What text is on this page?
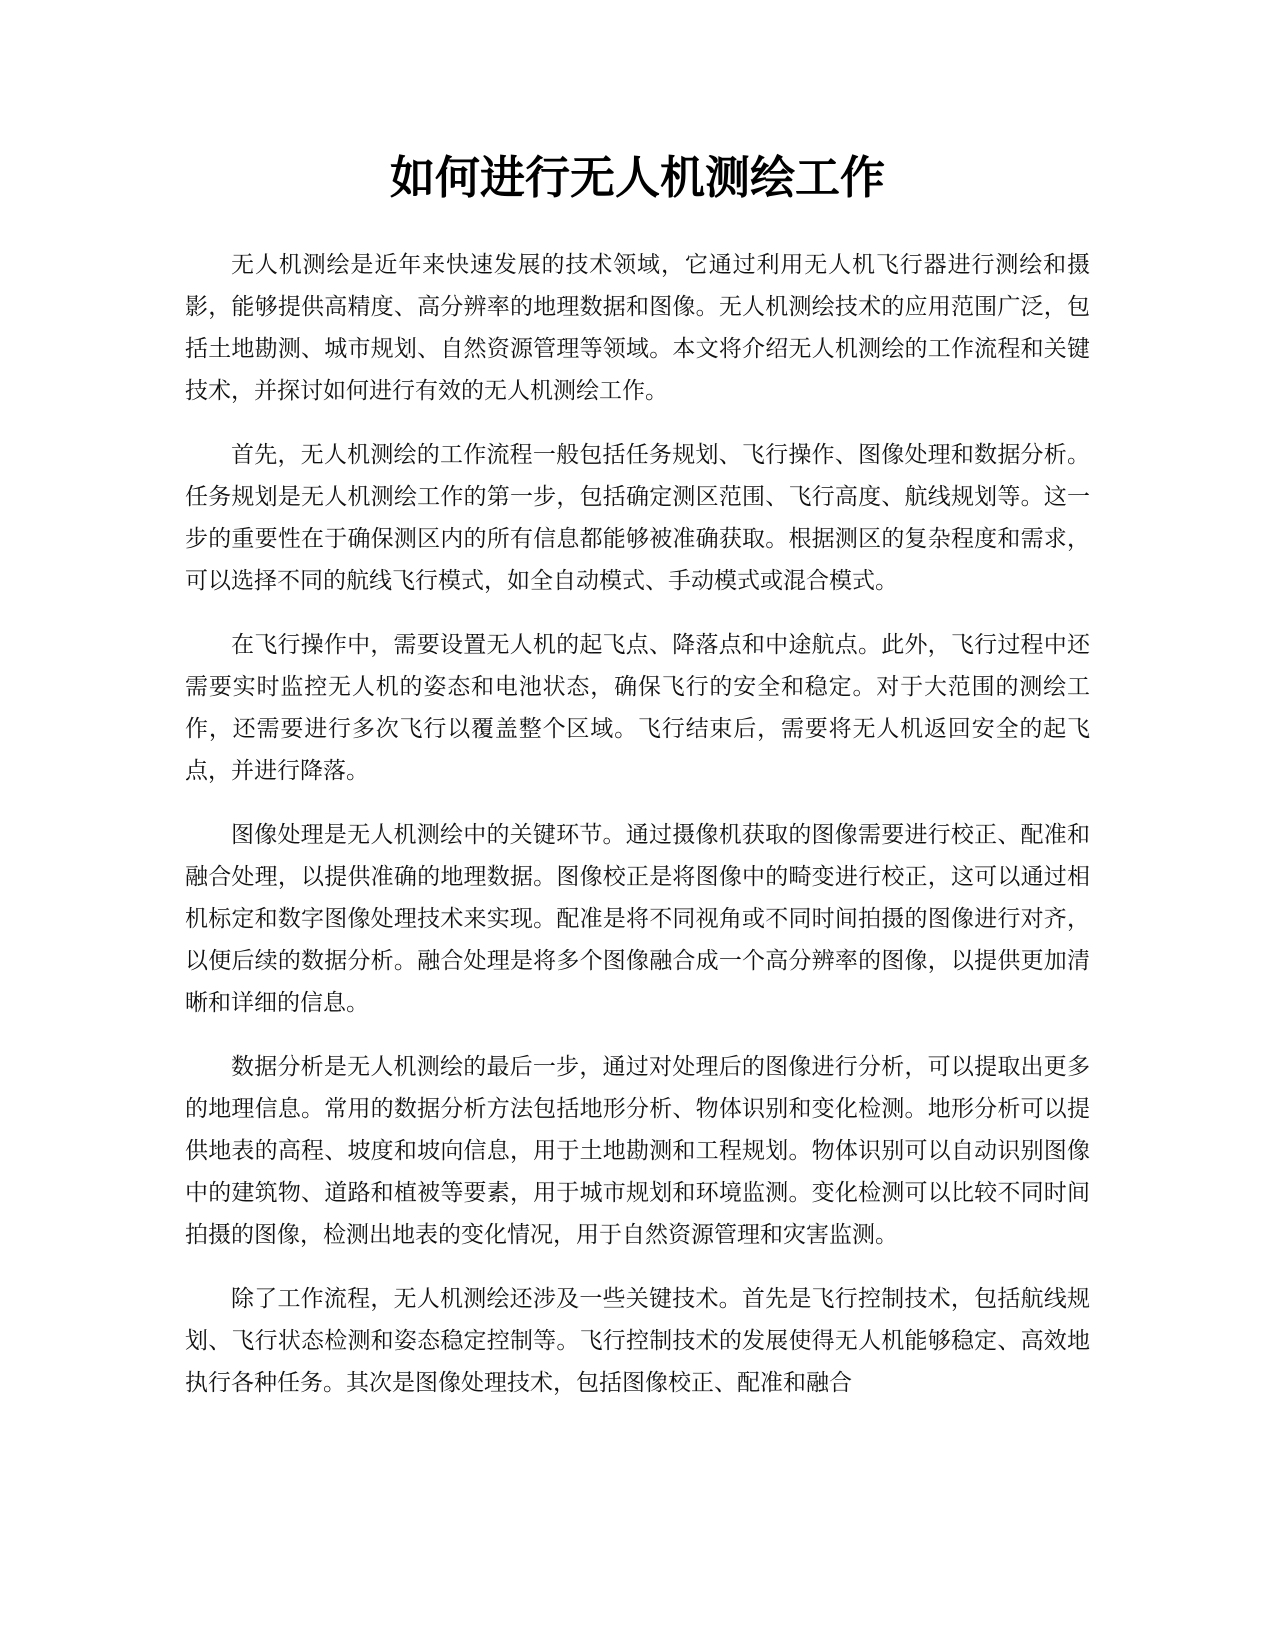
如何进行无人机测绘工作

无人机测绘是近年来快速发展的技术领域，它通过利用无人机飞行器进行测绘和摄影，能够提供高精度、高分辨率的地理数据和图像。无人机测绘技术的应用范围广泛，包括土地勘测、城市规划、自然资源管理等领域。本文将介绍无人机测绘的工作流程和关键技术，并探讨如何进行有效的无人机测绘工作。

首先，无人机测绘的工作流程一般包括任务规划、飞行操作、图像处理和数据分析。任务规划是无人机测绘工作的第一步，包括确定测区范围、飞行高度、航线规划等。这一步的重要性在于确保测区内的所有信息都能够被准确获取。根据测区的复杂程度和需求，可以选择不同的航线飞行模式，如全自动模式、手动模式或混合模式。

在飞行操作中，需要设置无人机的起飞点、降落点和中途航点。此外，飞行过程中还需要实时监控无人机的姿态和电池状态，确保飞行的安全和稳定。对于大范围的测绘工作，还需要进行多次飞行以覆盖整个区域。飞行结束后，需要将无人机返回安全的起飞点，并进行降落。

图像处理是无人机测绘中的关键环节。通过摄像机获取的图像需要进行校正、配准和融合处理，以提供准确的地理数据。图像校正是将图像中的畸变进行校正，这可以通过相机标定和数字图像处理技术来实现。配准是将不同视角或不同时间拍摄的图像进行对齐，以便后续的数据分析。融合处理是将多个图像融合成一个高分辨率的图像，以提供更加清晰和详细的信息。

数据分析是无人机测绘的最后一步，通过对处理后的图像进行分析，可以提取出更多的地理信息。常用的数据分析方法包括地形分析、物体识别和变化检测。地形分析可以提供地表的高程、坡度和坡向信息，用于土地勘测和工程规划。物体识别可以自动识别图像中的建筑物、道路和植被等要素，用于城市规划和环境监测。变化检测可以比较不同时间拍摄的图像，检测出地表的变化情况，用于自然资源管理和灾害监测。

除了工作流程，无人机测绘还涉及一些关键技术。首先是飞行控制技术，包括航线规划、飞行状态检测和姿态稳定控制等。飞行控制技术的发展使得无人机能够稳定、高效地执行各种任务。其次是图像处理技术，包括图像校正、配准和融合
